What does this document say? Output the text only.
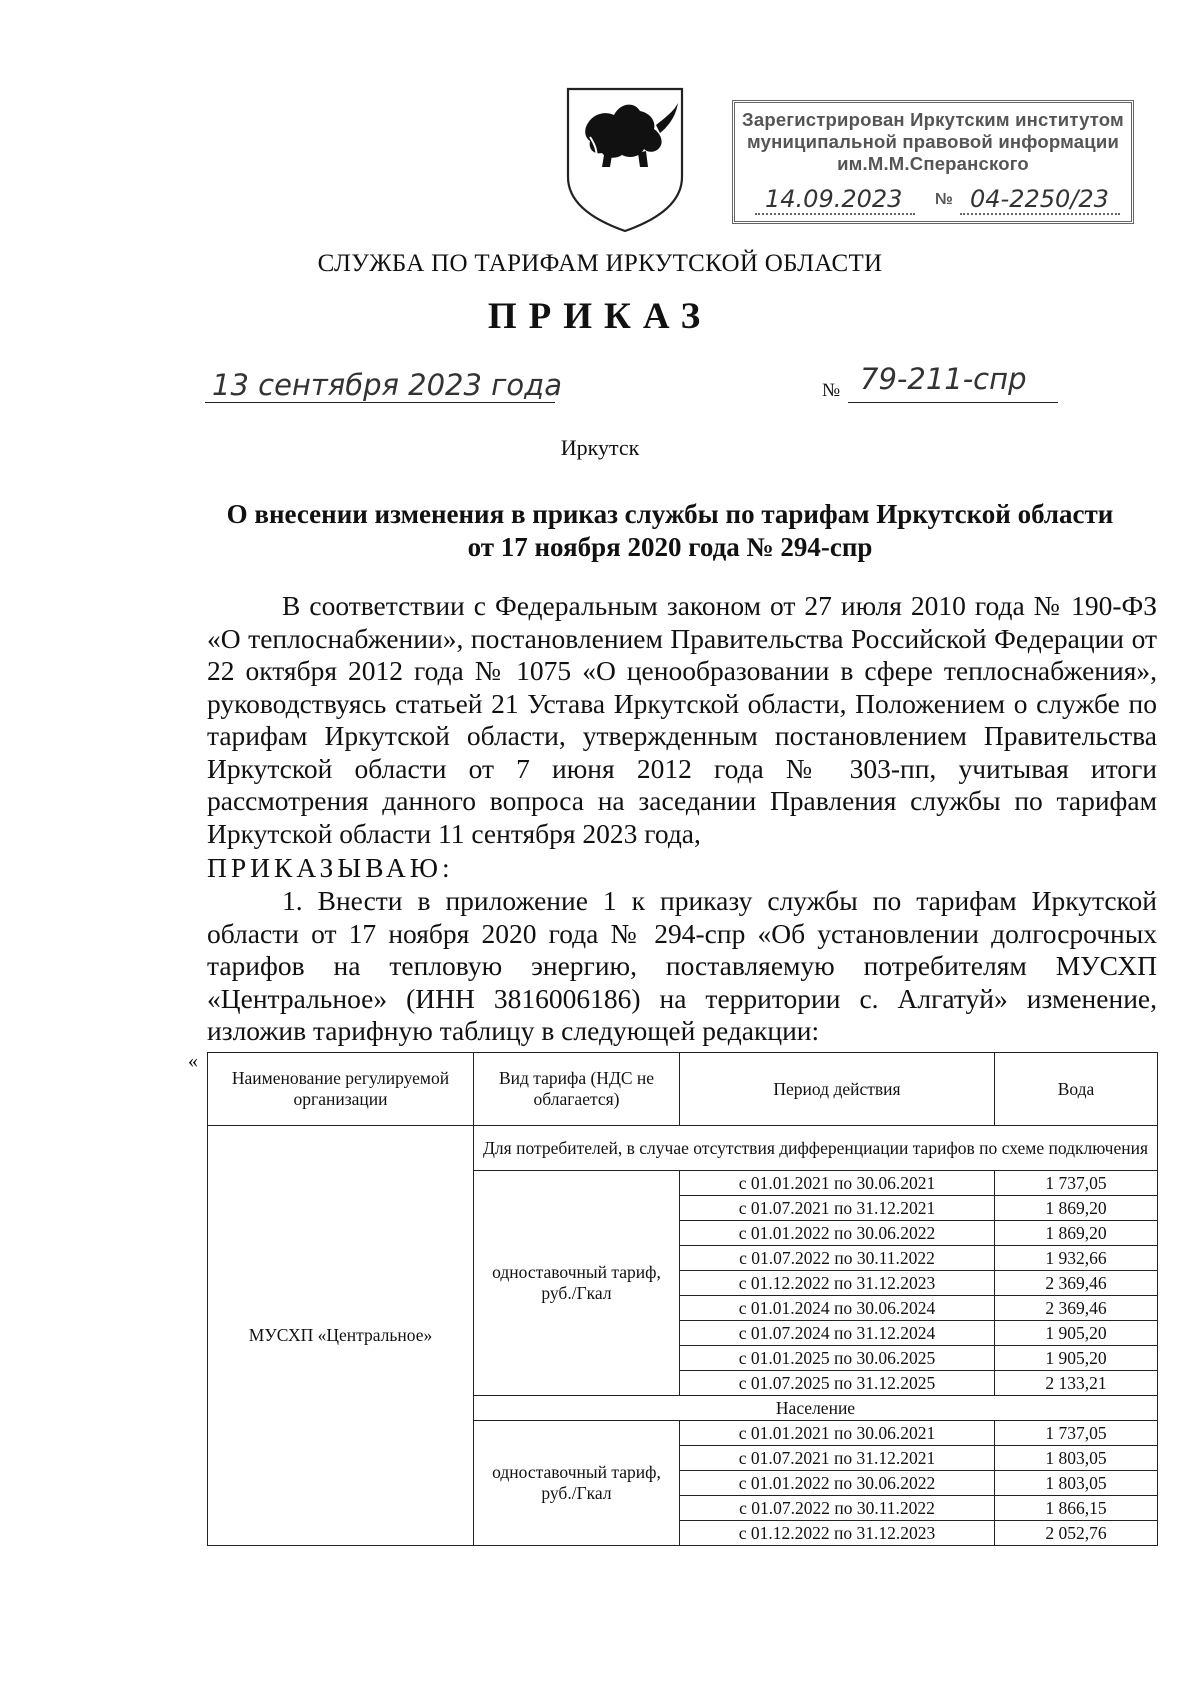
Зарегистрирован Иркутским институтом
муниципальной правовой информации
им.М.М.Сперанского
14.09.2023 № 04-2250/23
СЛУЖБА ПО ТАРИФАМ ИРКУТСКОЙ ОБЛАСТИ
ПРИКАЗ
13 сентября 2023 года	№ 79-211-спр
Иркутск
О внесении изменения в приказ службы по тарифам Иркутской области
от 17 ноября 2020 года № 294-спр
В соответствии с Федеральным законом от 27 июля 2010 года № 190-ФЗ «О теплоснабжении», постановлением Правительства Российской Федерации от 22 октября 2012 года № 1075 «О ценообразовании в сфере теплоснабжения», руководствуясь статьей 21 Устава Иркутской области, Положением о службе по тарифам Иркутской области, утвержденным постановлением Правительства Иркутской области от 7 июня 2012 года № 303-пп, учитывая итоги рассмотрения данного вопроса на заседании Правления службы по тарифам Иркутской области 11 сентября 2023 года,
ПРИКАЗЫВАЮ:
1. Внести в приложение 1 к приказу службы по тарифам Иркутской области от 17 ноября 2020 года № 294-спр «Об установлении долгосрочных тарифов на тепловую энергию, поставляемую потребителям МУСХП «Центральное» (ИНН 3816006186) на территории с. Алгатуй» изменение, изложив тарифную таблицу в следующей редакции:
«
Наименование регулируемой организации	Вид тарифа (НДС не облагается)	Период действия	Вода
МУСХП «Центральное»	Для потребителей, в случае отсутствия дифференциации тарифов по схеме подключения		
	одноставочный тариф, руб./Гкал	с 01.01.2021 по 30.06.2021	1 737,05
		с 01.07.2021 по 31.12.2021	1 869,20
		с 01.01.2022 по 30.06.2022	1 869,20
		с 01.07.2022 по 30.11.2022	1 932,66
		с 01.12.2022 по 31.12.2023	2 369,46
		с 01.01.2024 по 30.06.2024	2 369,46
		с 01.07.2024 по 31.12.2024	1 905,20
		с 01.01.2025 по 30.06.2025	1 905,20
		с 01.07.2025 по 31.12.2025	2 133,21
	Население		
	одноставочный тариф, руб./Гкал	с 01.01.2021 по 30.06.2021	1 737,05
		с 01.07.2021 по 31.12.2021	1 803,05
		с 01.01.2022 по 30.06.2022	1 803,05
		с 01.07.2022 по 30.11.2022	1 866,15
		с 01.12.2022 по 31.12.2023	2 052,76
